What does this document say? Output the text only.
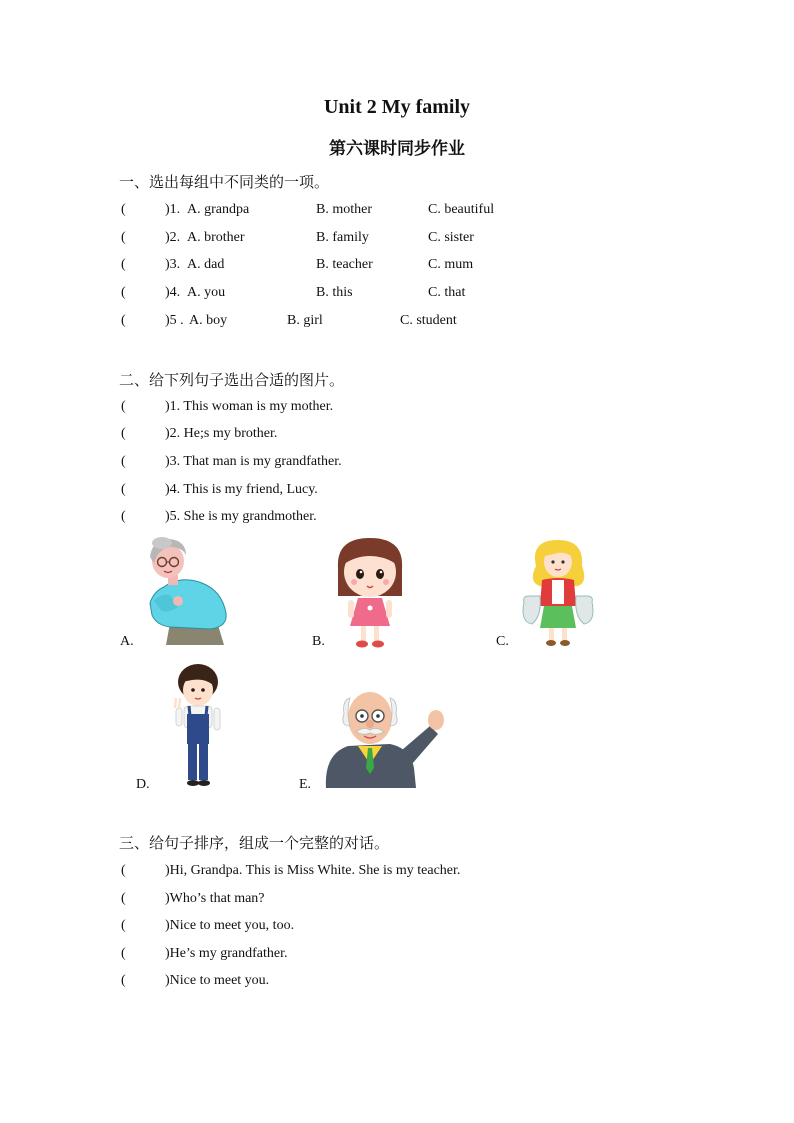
Unit 2 My family
第六课时同步作业
一、选出每组中不同类的一项。
(	)1. A. grandpa	B. mother	C. beautiful
(	)2. A. brother	B. family	C. sister
(	)3. A. dad	B. teacher	C. mum
(	)4. A. you	B. this	C. that
(	)5 . A. boy	B. girl	C. student
二、给下列句子选出合适的图片。
(	)1. This woman is my mother.
(	)2. He;s my brother.
(	)3. That man is my grandfather.
(	)4. This is my friend, Lucy.
(	)5. She is my grandmother.
A.	B.	C.
D.	E.
三、给句子排序，组成一个完整的对话。
(	)Hi, Grandpa. This is Miss White. She is my teacher.
(	)Who’s that man?
(	)Nice to meet you, too.
(	)He’s my grandfather.
(	)Nice to meet you.
